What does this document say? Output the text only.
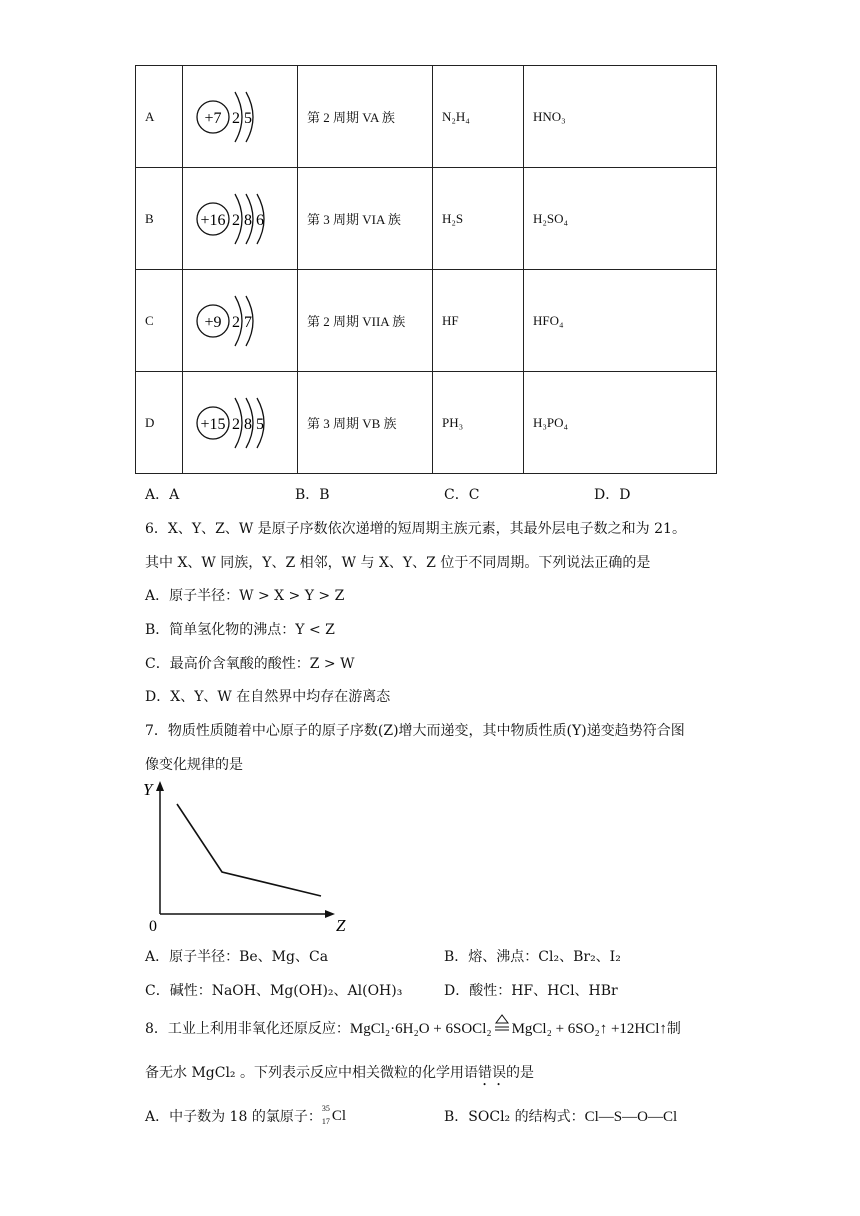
A	+7 2 5	第 2 周期 VA 族	N₂H₄	HNO₃
B	+16 2 8 6	第 3 周期 VIA 族	H₂S	H₂SO₄
C	+9 2 7	第 2 周期 VIIA 族	HF	HFO₄
D	+15 2 8 5	第 3 周期 VB 族	PH₃	H₃PO₄
A．A	B．B	C．C	D．D
6．X、Y、Z、W 是原子序数依次递增的短周期主族元素，其最外层电子数之和为 21。
其中 X、W 同族，Y、Z 相邻，W 与 X、Y、Z 位于不同周期。下列说法正确的是
A．原子半径：W > X > Y > Z
B．简单氢化物的沸点：Y < Z
C．最高价含氧酸的酸性：Z > W
D．X、Y、W 在自然界中均存在游离态
7．物质性质随着中心原子的原子序数(Z)增大而递变，其中物质性质(Y)递变趋势符合图
像变化规律的是
Y
0	Z
A．原子半径：Be、Mg、Ca	B．熔、沸点：Cl₂、Br₂、I₂
C．碱性：NaOH、Mg(OH)₂、Al(OH)₃	D．酸性：HF、HCl、HBr
8．工业上利用非氧化还原反应：MgCl₂·6H₂O + 6SOCl₂ MgCl₂ + 6SO₂↑ +12HCl↑制
备无水 MgCl₂ 。下列表示反应中相关微粒的化学用语错误的是
A．中子数为 18 的氯原子：
35
17 Cl	B．SOCl₂ 的结构式：Cl—S—O—Cl
